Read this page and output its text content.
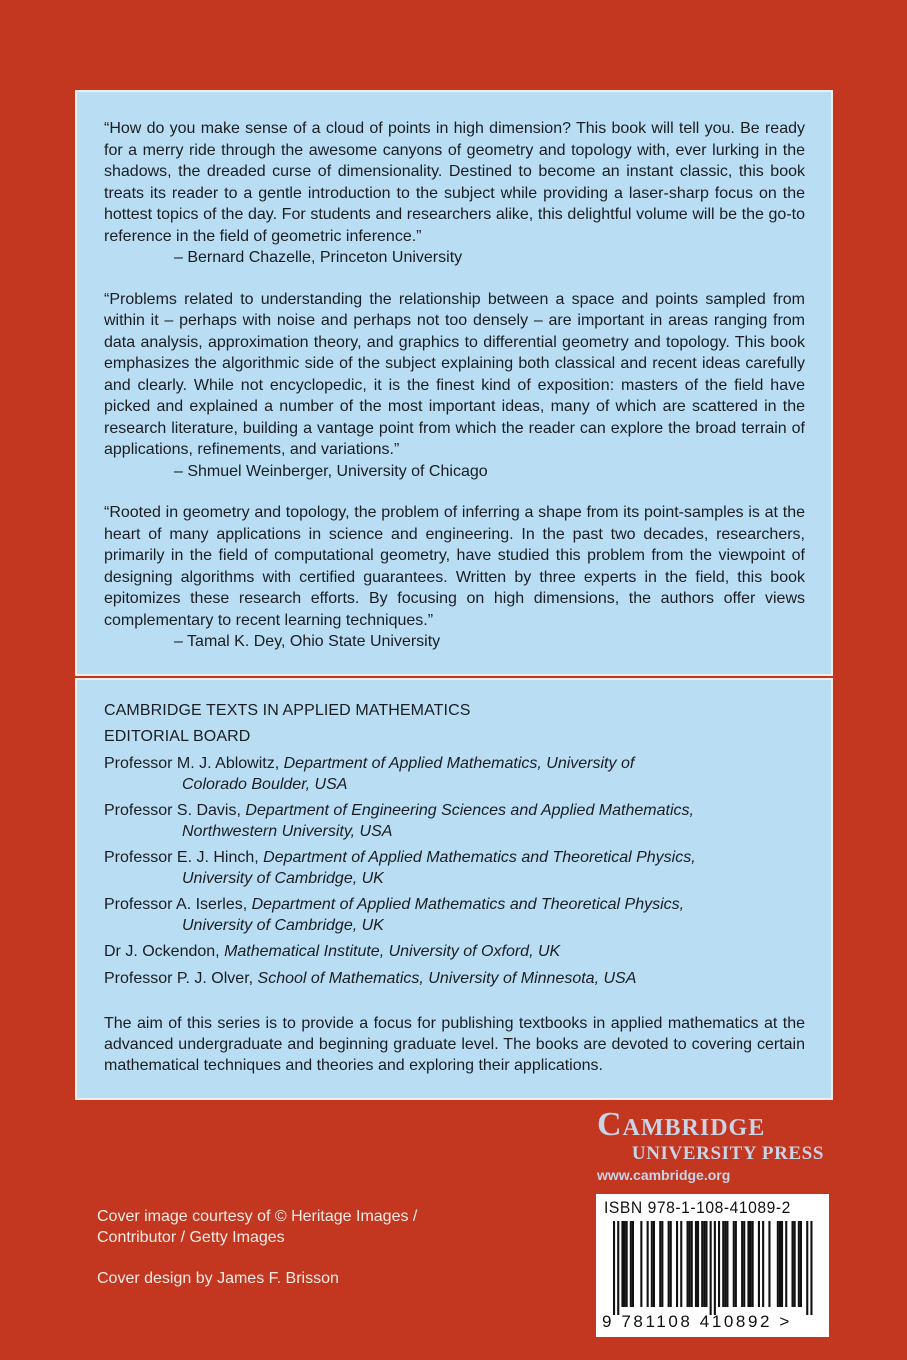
“How do you make sense of a cloud of points in high dimension? This book will tell you. Be ready for a merry ride through the awesome canyons of geometry and topology with, ever lurking in the shadows, the dreaded curse of dimensionality. Destined to become an instant classic, this book treats its reader to a gentle introduction to the subject while providing a laser-sharp focus on the hottest topics of the day. For students and researchers alike, this delightful volume will be the go-to reference in the field of geometric inference.”

– Bernard Chazelle, Princeton University

“Problems related to understanding the relationship between a space and points sampled from within it – perhaps with noise and perhaps not too densely – are important in areas ranging from data analysis, approximation theory, and graphics to differential geometry and topology. This book emphasizes the algorithmic side of the subject explaining both classical and recent ideas carefully and clearly. While not encyclopedic, it is the finest kind of exposition: masters of the field have picked and explained a number of the most important ideas, many of which are scattered in the research literature, building a vantage point from which the reader can explore the broad terrain of applications, refinements, and variations.”

– Shmuel Weinberger, University of Chicago

“Rooted in geometry and topology, the problem of inferring a shape from its point-samples is at the heart of many applications in science and engineering. In the past two decades, researchers, primarily in the field of computational geometry, have studied this problem from the viewpoint of designing algorithms with certified guarantees. Written by three experts in the field, this book epitomizes these research efforts. By focusing on high dimensions, the authors offer views complementary to recent learning techniques.”

– Tamal K. Dey, Ohio State University

CAMBRIDGE TEXTS IN APPLIED MATHEMATICS

EDITORIAL BOARD

Professor M. J. Ablowitz, Department of Applied Mathematics, University of
Colorado Boulder, USA

Professor S. Davis, Department of Engineering Sciences and Applied Mathematics,
Northwestern University, USA

Professor E. J. Hinch, Department of Applied Mathematics and Theoretical Physics,
University of Cambridge, UK

Professor A. Iserles, Department of Applied Mathematics and Theoretical Physics,
University of Cambridge, UK

Dr J. Ockendon, Mathematical Institute, University of Oxford, UK

Professor P. J. Olver, School of Mathematics, University of Minnesota, USA

The aim of this series is to provide a focus for publishing textbooks in applied mathematics at the advanced undergraduate and beginning graduate level. The books are devoted to covering certain mathematical techniques and theories and exploring their applications.

Cambridge
UNIVERSITY PRESS
www.cambridge.org
ISBN 978-1-108-41089-2
9 781108 410892 >

Cover image courtesy of © Heritage Images / Contributor / Getty Images

Cover design by James F. Brisson
